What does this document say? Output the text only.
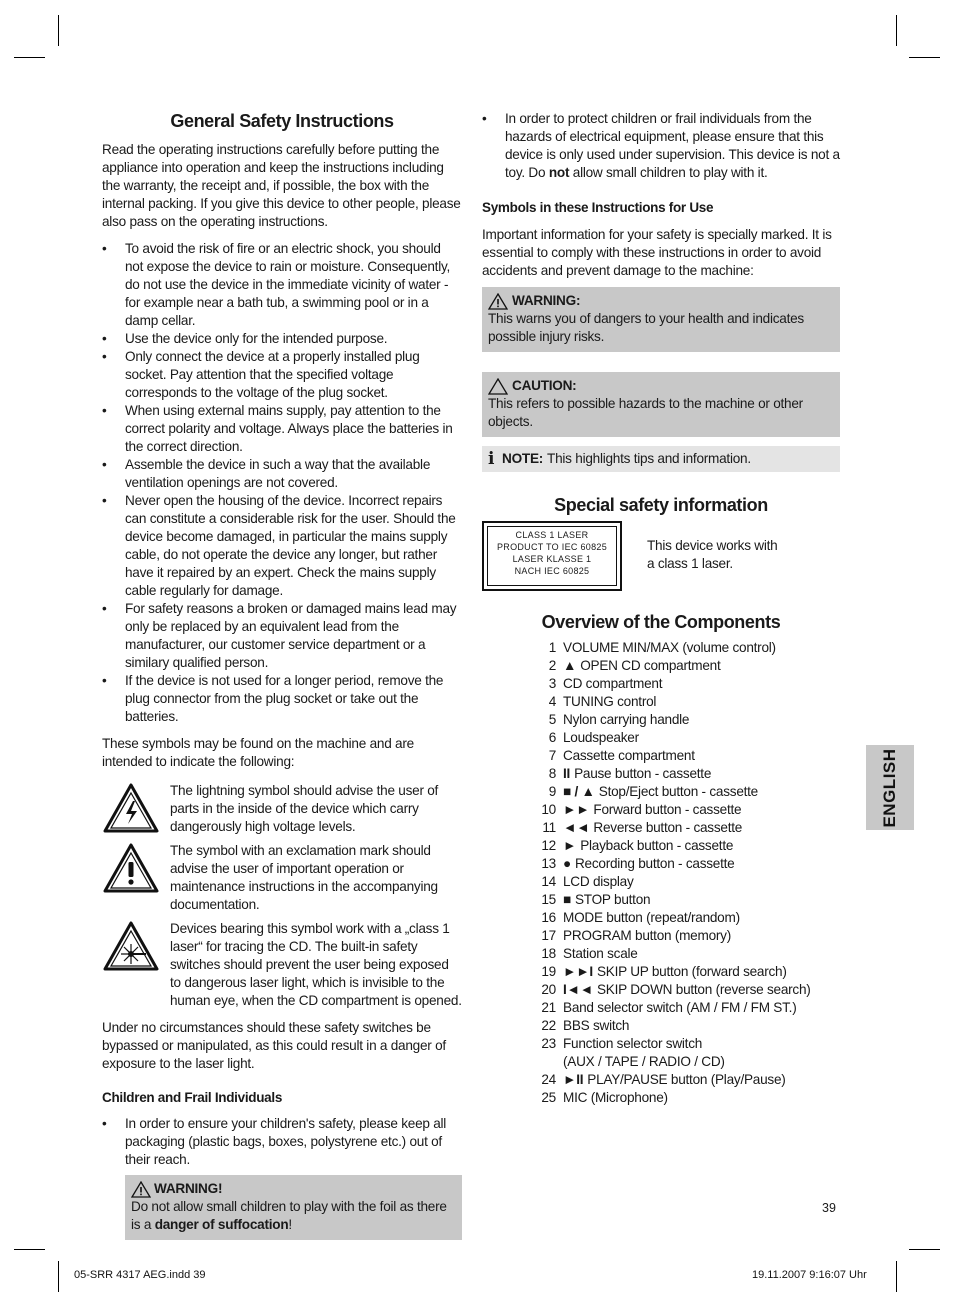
General Safety Instructions

Read the operating instructions carefully before putting the appliance into operation and keep the instructions including the warranty, the receipt and, if possible, the box with the internal packing. If you give this device to other people, please also pass on the operating instructions.

• To avoid the risk of fire or an electric shock, you should not expose the device to rain or moisture. Consequently, do not use the device in the immediate vicinity of water - for example near a bath tub, a swimming pool or in a damp cellar.
• Use the device only for the intended purpose.
• Only connect the device at a properly installed plug socket. Pay attention that the specified voltage corresponds to the voltage of the plug socket.
• When using external mains supply, pay attention to the correct polarity and voltage. Always place the batteries in the correct direction.
• Assemble the device in such a way that the available ventilation openings are not covered.
• Never open the housing of the device. Incorrect repairs can constitute a considerable risk for the user. Should the device become damaged, in particular the mains supply cable, do not operate the device any longer, but rather have it repaired by an expert. Check the mains supply cable regularly for damage.
• For safety reasons a broken or damaged mains lead may only be replaced by an equivalent lead from the manufacturer, our customer service department or a similary qualified person.
• If the device is not used for a longer period, remove the plug connector from the plug socket or take out the batteries.

These symbols may be found on the machine and are intended to indicate the following:

The lightning symbol should advise the user of parts in the inside of the device which carry dangerously high voltage levels.
The symbol with an exclamation mark should advise the user of important operation or maintenance instructions in the accompanying documentation.
Devices bearing this symbol work with a „class 1 laser“ for tracing the CD. The built-in safety switches should prevent the user being exposed to dangerous laser light, which is invisible to the human eye, when the CD compartment is opened.

Under no circumstances should these safety switches be bypassed or manipulated, as this could result in a danger of exposure to the laser light.

Children and Frail Individuals
• In order to ensure your children's safety, please keep all packaging (plastic bags, boxes, polystyrene etc.) out of their reach.
WARNING!
Do not allow small children to play with the foil as there is a danger of suffocation!
• In order to protect children or frail individuals from the hazards of electrical equipment, please ensure that this device is only used under supervision. This device is not a toy. Do not allow small children to play with it.
Symbols in these Instructions for Use

Important information for your safety is specially marked. It is essential to comply with these instructions in order to avoid accidents and prevent damage to the machine:

WARNING:
This warns you of dangers to your health and indicates possible injury risks.
CAUTION:
This refers to possible hazards to the machine or other objects.
i NOTE: This highlights tips and information.
Special safety information
CLASS 1 LASER
PRODUCT TO IEC 60825
LASER KLASSE 1
NACH IEC 60825
This device works with a class 1 laser.
Overview of the Components
1 VOLUME MIN/MAX (volume control)
2 ▲ OPEN CD compartment
3 CD compartment
4 TUNING control
5 Nylon carrying handle
6 Loudspeaker
7 Cassette compartment
8 II Pause button - cassette
9 ■ / ▲ Stop/Eject button - cassette
10 ►► Forward button - cassette
11 ◄◄ Reverse button - cassette
12 ► Playback button - cassette
13 ● Recording button - cassette
14 LCD display
15 ■ STOP button
16 MODE button (repeat/random)
17 PROGRAM button (memory)
18 Station scale
19 ►►I SKIP UP button (forward search)
20 I◄◄ SKIP DOWN button (reverse search)
21 Band selector switch (AM / FM / FM ST.)
22 BBS switch
23 Function selector switch
(AUX / TAPE / RADIO / CD)
24 ►II PLAY/PAUSE button (Play/Pause)
25 MIC (Microphone)
ENGLISH
39
05-SRR 4317 AEG.indd 39	19.11.2007 9:16:07 Uhr
